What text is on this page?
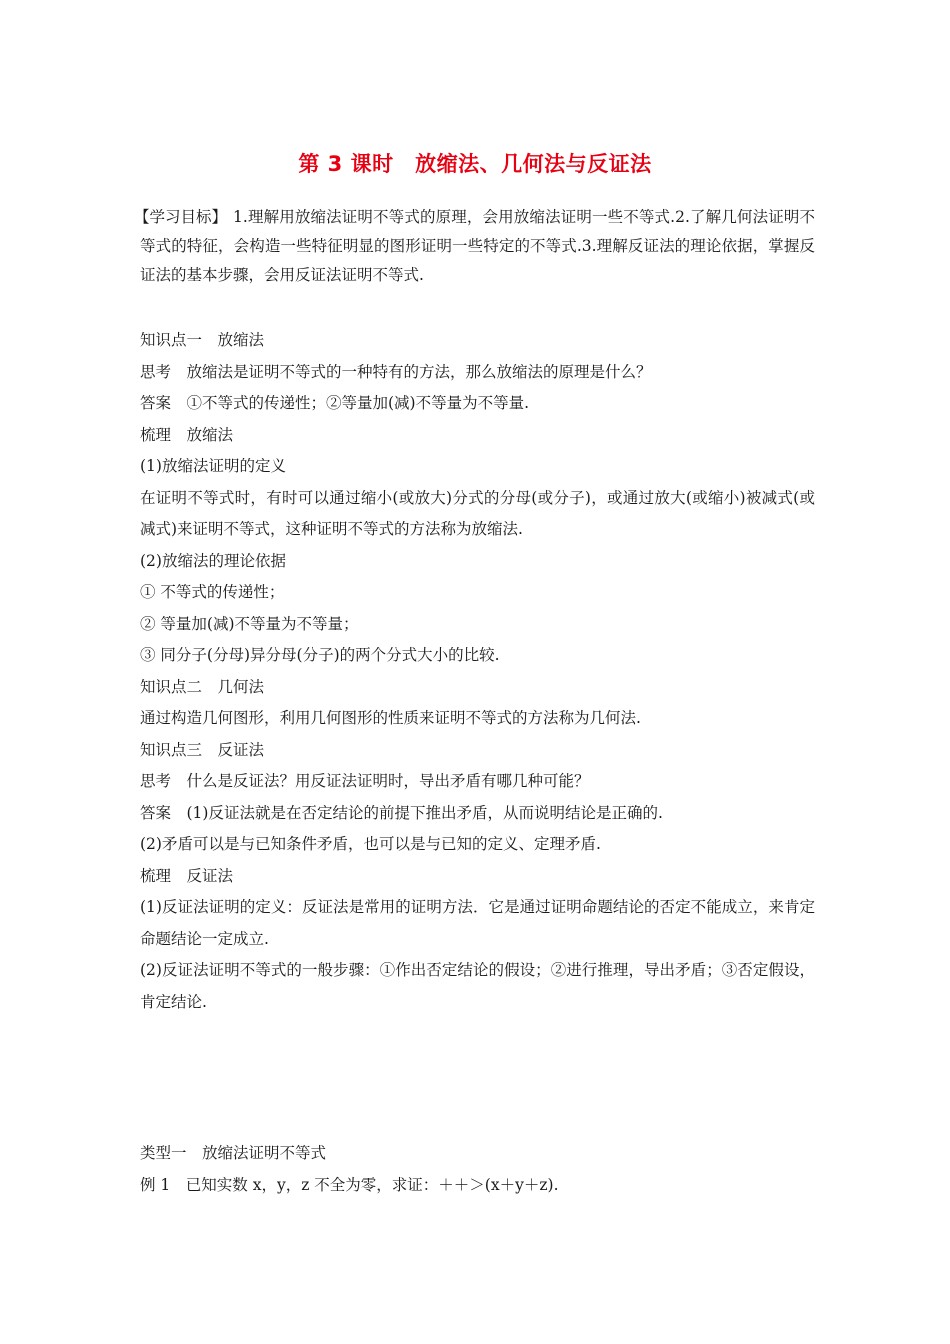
第 3 课时　放缩法、几何法与反证法
【学习目标】 1.理解用放缩法证明不等式的原理，会用放缩法证明一些不等式.2.了解几何法证明不等式的特征，会构造一些特征明显的图形证明一些特定的不等式.3.理解反证法的理论依据，掌握反证法的基本步骤，会用反证法证明不等式.

知识点一　放缩法

思考　放缩法是证明不等式的一种特有的方法，那么放缩法的原理是什么？

答案　①不等式的传递性；②等量加(减)不等量为不等量.

梳理　放缩法

(1)放缩法证明的定义

在证明不等式时，有时可以通过缩小(或放大)分式的分母(或分子)，或通过放大(或缩小)被减式(或减式)来证明不等式，这种证明不等式的方法称为放缩法.

(2)放缩法的理论依据

① 不等式的传递性；

② 等量加(减)不等量为不等量；

③ 同分子(分母)异分母(分子)的两个分式大小的比较.

知识点二　几何法

通过构造几何图形，利用几何图形的性质来证明不等式的方法称为几何法.

知识点三　反证法

思考　什么是反证法？用反证法证明时，导出矛盾有哪几种可能？

答案　(1)反证法就是在否定结论的前提下推出矛盾，从而说明结论是正确的.

(2)矛盾可以是与已知条件矛盾，也可以是与已知的定义、定理矛盾.

梳理　反证法

(1)反证法证明的定义：反证法是常用的证明方法．它是通过证明命题结论的否定不能成立，来肯定命题结论一定成立.

(2)反证法证明不等式的一般步骤：①作出否定结论的假设；②进行推理，导出矛盾；③否定假设，肯定结论.

类型一　放缩法证明不等式

例 1　已知实数 x，y，z 不全为零，求证：＋＋＞(x＋y＋z).
